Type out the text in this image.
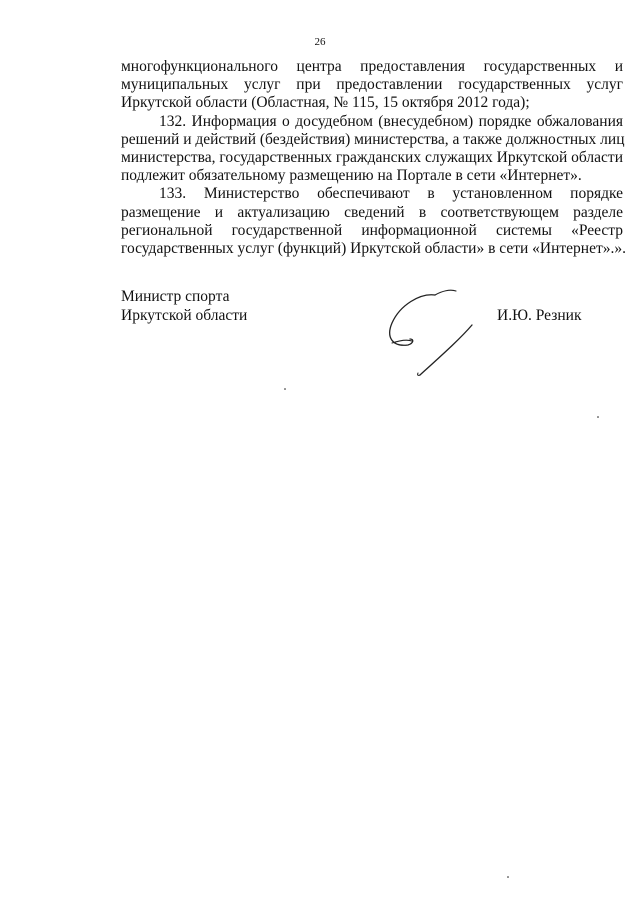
26

многофункционального центра предоставления государственных и
муниципальных услуг при предоставлении государственных услуг
Иркутской области (Областная, № 115, 15 октября 2012 года);

132. Информация о досудебном (внесудебном) порядке обжалования
решений и действий (бездействия) министерства, а также должностных лиц
министерства, государственных гражданских служащих Иркутской области
подлежит обязательному размещению на Портале в сети «Интернет».

133. Министерство обеспечивают в установленном порядке
размещение и актуализацию сведений в соответствующем разделе
региональной государственной информационной системы «Реестр
государственных услуг (функций) Иркутской области» в сети «Интернет».».

Министр спорта
Иркутской области	И.Ю. Резник
